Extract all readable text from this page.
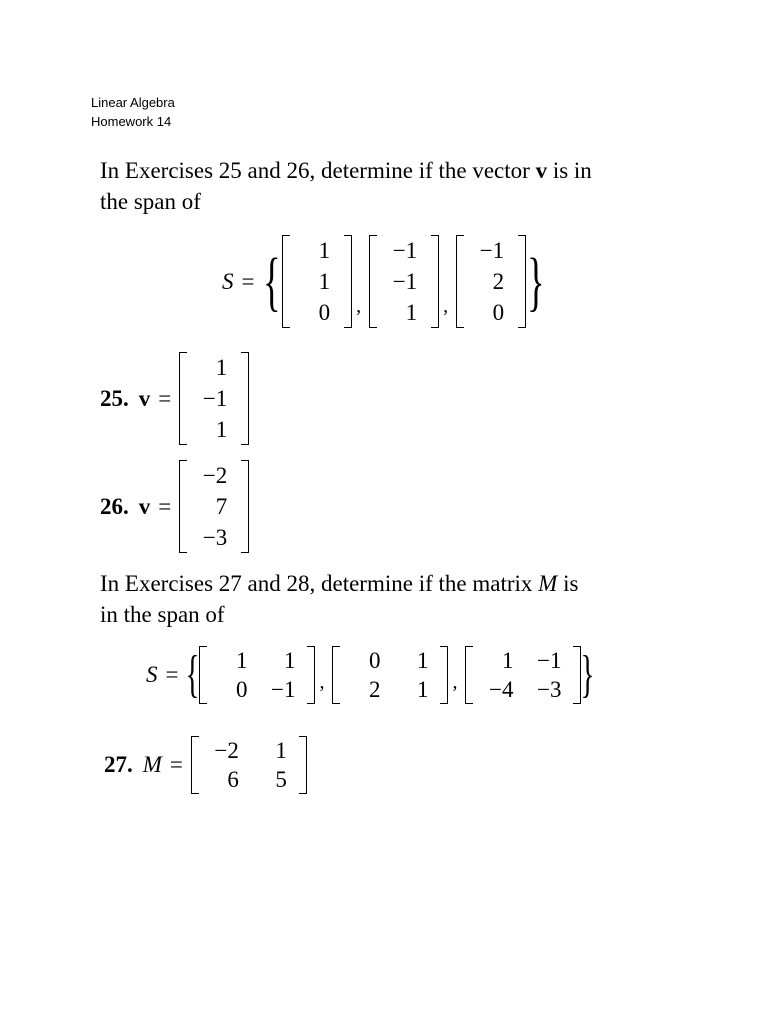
Linear Algebra
Homework 14
In Exercises 25 and 26, determine if the vector v is in
the span of
S = {	1
1
0 ,
−1
−1
1 ,
−1
2
0 }
25. v =
1
−1
1
26. v =
−2
7
−3
In Exercises 27 and 28, determine if the matrix M is
in the span of
S = {	1	1
0 −1 ,
0	1
2	1 ,
1 −1
−4 −3 }
27. M =
−2	1
6	5
